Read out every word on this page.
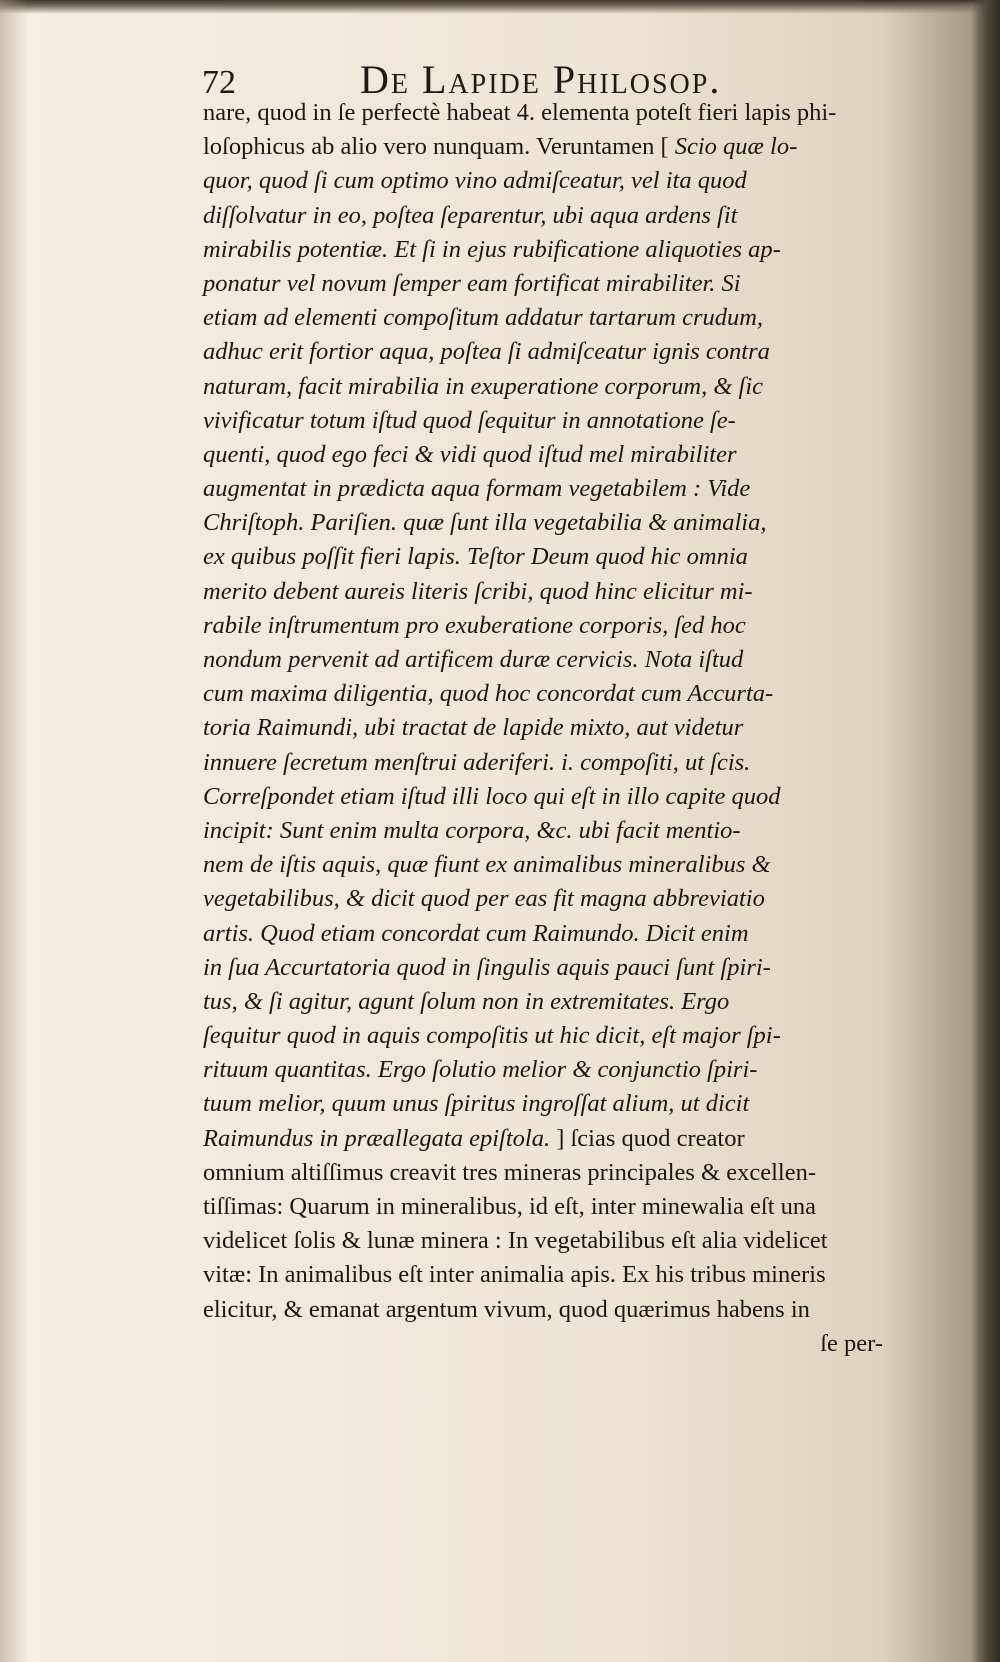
72	De Lapide Philosop.
nare, quod in ſe perfectè habeat 4. elementa poteſt fieri lapis phi-
loſophicus ab alio vero nunquam. Veruntamen [ Scio quæ lo-
quor, quod ſi cum optimo vino admiſceatur, vel ita quod
diſſolvatur in eo, poſtea ſeparentur, ubi aqua ardens ſit
mirabilis potentiæ. Et ſi in ejus rubificatione aliquoties ap-
ponatur vel novum ſemper eam fortificat mirabiliter. Si
etiam ad elementi compoſitum addatur tartarum crudum,
adhuc erit fortior aqua, poſtea ſi admiſceatur ignis contra
naturam, facit mirabilia in exuperatione corporum, & ſic
vivificatur totum iſtud quod ſequitur in annotatione ſe-
quenti, quod ego feci & vidi quod iſtud mel mirabiliter
augmentat in prædicta aqua formam vegetabilem : Vide
Chriſtoph. Pariſien. quæ ſunt illa vegetabilia & animalia,
ex quibus poſſit fieri lapis. Teſtor Deum quod hic omnia
merito debent aureis literis ſcribi, quod hinc elicitur mi-
rabile inſtrumentum pro exuberatione corporis, ſed hoc
nondum pervenit ad artificem duræ cervicis. Nota iſtud
cum maxima diligentia, quod hoc concordat cum Accurta-
toria Raimundi, ubi tractat de lapide mixto, aut videtur
innuere ſecretum menſtrui aderiferi. i. compoſiti, ut ſcis.
Correſpondet etiam iſtud illi loco qui eſt in illo capite quod
incipit: Sunt enim multa corpora, &c. ubi facit mentio-
nem de iſtis aquis, quæ fiunt ex animalibus mineralibus &
vegetabilibus, & dicit quod per eas fit magna abbreviatio
artis. Quod etiam concordat cum Raimundo. Dicit enim
in ſua Accurtatoria quod in ſingulis aquis pauci ſunt ſpiri-
tus, & ſi agitur, agunt ſolum non in extremitates. Ergo
ſequitur quod in aquis compoſitis ut hic dicit, eſt major ſpi-
rituum quantitas. Ergo ſolutio melior & conjunctio ſpiri-
tuum melior, quum unus ſpiritus ingroſſat alium, ut dicit
Raimundus in præallegata epiſtola. ] ſcias quod creator
omnium altiſſimus creavit tres mineras principales & excellen-
tiſſimas: Quarum in mineralibus, id eſt, inter minewalia eſt una
videlicet ſolis & lunæ minera : In vegetabilibus eſt alia videlicet
vitæ: In animalibus eſt inter animalia apis. Ex his tribus mineris
elicitur, & emanat argentum vivum, quod quærimus habens in
ſe per-
